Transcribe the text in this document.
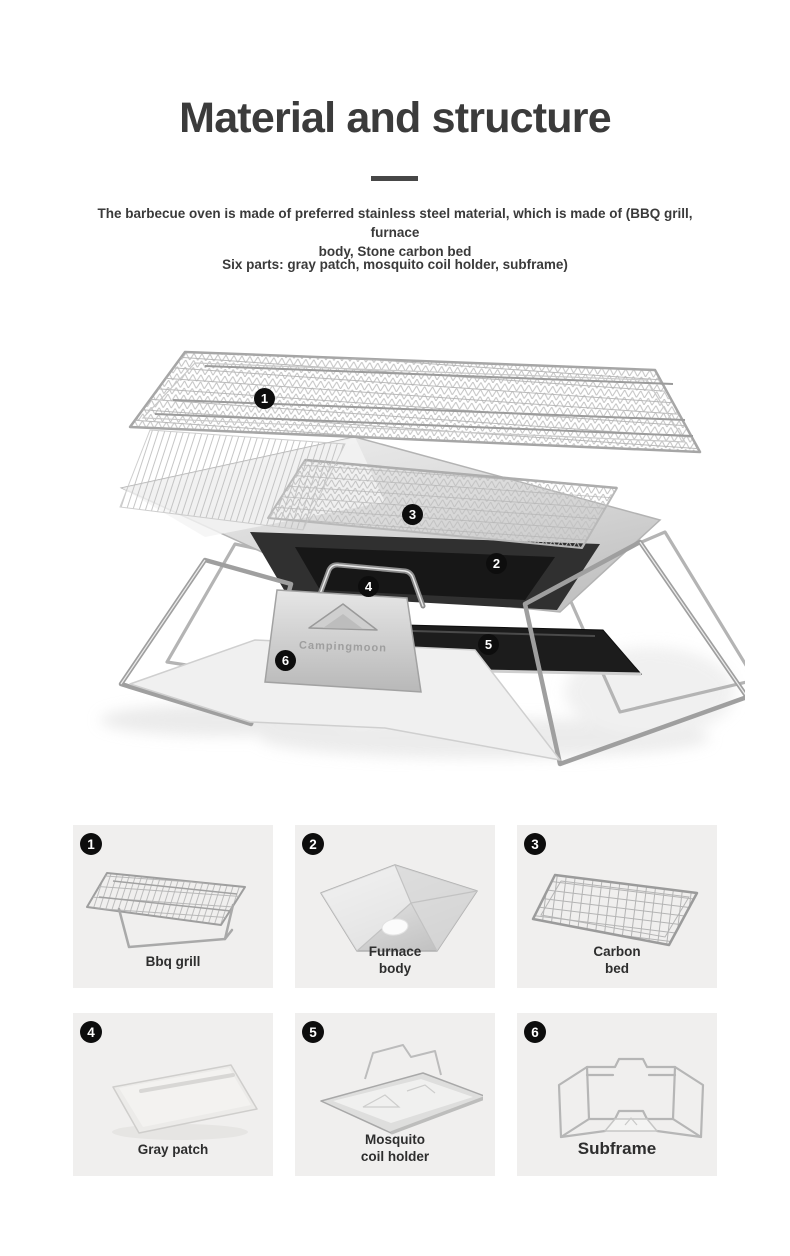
Material and structure

The barbecue oven is made of preferred stainless steel material, which is made of (BBQ grill, furnace
body, Stone carbon bed

Six parts: gray patch, mosquito coil holder, subframe)

Campingmoon
1
2
3
4
5
6
1
Bbq grill
2
Furnace
body
3
Carbon
bed
4
Gray patch
5
Mosquito
coil holder
6
Subframe
